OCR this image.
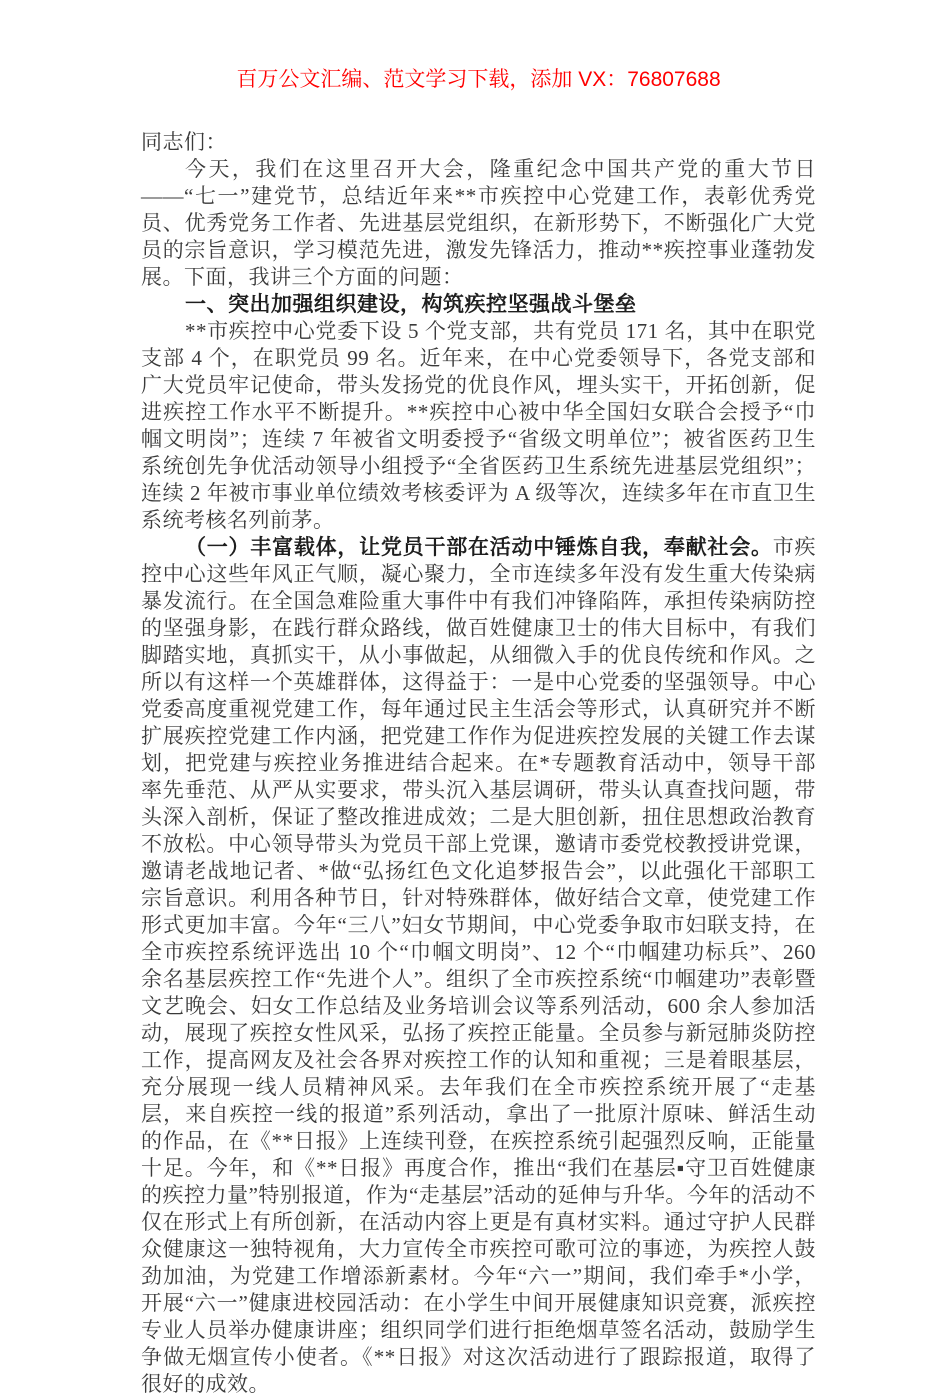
百万公文汇编、范文学习下载，添加 VX：76807688

同志们：

今天，我们在这里召开大会，隆重纪念中国共产党的重大节日——“七一”建党节，总结近年来**市疾控中心党建工作，表彰优秀党员、优秀党务工作者、先进基层党组织，在新形势下，不断强化广大党员的宗旨意识，学习模范先进，激发先锋活力，推动**疾控事业蓬勃发展。下面，我讲三个方面的问题：

一、突出加强组织建设，构筑疾控坚强战斗堡垒

**市疾控中心党委下设 5 个党支部，共有党员 171 名，其中在职党支部 4 个，在职党员 99 名。近年来，在中心党委领导下，各党支部和广大党员牢记使命，带头发扬党的优良作风，埋头实干，开拓创新，促进疾控工作水平不断提升。**疾控中心被中华全国妇女联合会授予“巾帼文明岗”；连续 7 年被省文明委授予“省级文明单位”；被省医药卫生系统创先争优活动领导小组授予“全省医药卫生系统先进基层党组织”；连续 2 年被市事业单位绩效考核委评为 A 级等次，连续多年在市直卫生系统考核名列前茅。

（一）丰富载体，让党员干部在活动中锤炼自我，奉献社会。市疾控中心这些年风正气顺，凝心聚力，全市连续多年没有发生重大传染病暴发流行。在全国急难险重大事件中有我们冲锋陷阵，承担传染病防控的坚强身影，在践行群众路线，做百姓健康卫士的伟大目标中，有我们脚踏实地，真抓实干，从小事做起，从细微入手的优良传统和作风。之所以有这样一个英雄群体，这得益于：一是中心党委的坚强领导。中心党委高度重视党建工作，每年通过民主生活会等形式，认真研究并不断扩展疾控党建工作内涵，把党建工作作为促进疾控发展的关键工作去谋划，把党建与疾控业务推进结合起来。在*专题教育活动中，领导干部率先垂范、从严从实要求，带头沉入基层调研，带头认真查找问题，带头深入剖析，保证了整改推进成效；二是大胆创新，扭住思想政治教育不放松。中心领导带头为党员干部上党课，邀请市委党校教授讲党课，邀请老战地记者、*做“弘扬红色文化追梦报告会”，以此强化干部职工宗旨意识。利用各种节日，针对特殊群体，做好结合文章，使党建工作形式更加丰富。今年“三八”妇女节期间，中心党委争取市妇联支持，在全市疾控系统评选出 10 个“巾帼文明岗”、12 个“巾帼建功标兵”、260 余名基层疾控工作“先进个人”。组织了全市疾控系统“巾帼建功”表彰暨文艺晚会、妇女工作总结及业务培训会议等系列活动，600 余人参加活动，展现了疾控女性风采，弘扬了疾控正能量。全员参与新冠肺炎防控工作，提高网友及社会各界对疾控工作的认知和重视；三是着眼基层，充分展现一线人员精神风采。去年我们在全市疾控系统开展了“走基层，来自疾控一线的报道”系列活动，拿出了一批原汁原味、鲜活生动的作品，在《**日报》上连续刊登，在疾控系统引起强烈反响，正能量十足。今年，和《**日报》再度合作，推出“我们在基层▪守卫百姓健康的疾控力量”特别报道，作为“走基层”活动的延伸与升华。今年的活动不仅在形式上有所创新，在活动内容上更是有真材实料。通过守护人民群众健康这一独特视角，大力宣传全市疾控可歌可泣的事迹，为疾控人鼓劲加油，为党建工作增添新素材。今年“六一”期间，我们牵手*小学，开展“六一”健康进校园活动：在小学生中间开展健康知识竞赛，派疾控专业人员举办健康讲座；组织同学们进行拒绝烟草签名活动，鼓励学生争做无烟宣传小使者。《**日报》对这次活动进行了跟踪报道，取得了很好的成效。
